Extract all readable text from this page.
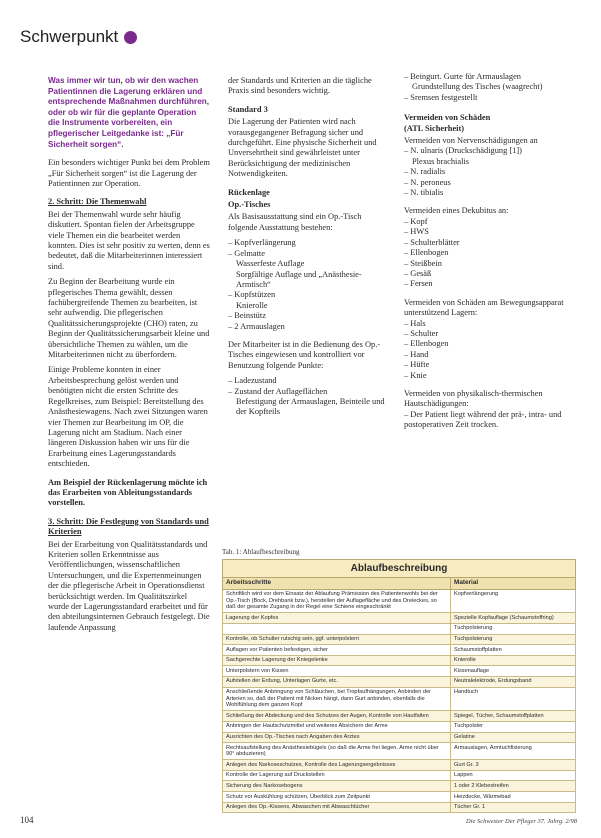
Schwerpunkt

Was immer wir tun, ob wir den wachen Patientinnen die Lagerung erklären und entsprechende Maßnahmen durchführen, oder ob wir für die geplante Operation die Instrumente vorbereiten, ein pflegerischer Leitgedanke ist: „Für Sicherheit sorgen“.

Ein besonders wichtiger Punkt bei dem Problem „Für Sicherheit sorgen“ ist die Lagerung der Patientinnen zur Operation.

2. Schritt: Die Themenwahl

Bei der Themenwahl wurde sehr häufig diskutiert. Spontan fielen der Arbeitsgruppe viele Themen ein die bearbeitet werden konnten. Dies ist sehr positiv zu werten, denn es bedeutet, daß die Mitarbeiterinnen interessiert sind.

Zu Beginn der Bearbeitung wurde ein pflegerisches Thema gewählt, dessen fachübergreifende Themen zu bearbeiten, ist sehr aufwendig. Die pflegerischen Qualitätssicherungsprojekte (CHO) raten, zu Beginn der Qualitätssicherungsarbeit kleine und übersichtliche Themen zu wählen, um die Mitarbeiterinnen nicht zu überfordern.

Einige Probleme konnten in einer Arbeitsbesprechung gelöst werden und benötigten nicht die ersten Schritte des Regelkreises, zum Beispiel: Bereitstellung des Anästhesiewagens. Nach zwei Sitzungen waren vier Themen zur Bearbeitung im OP, die Lagerung nicht am Stadium. Nach einer längeren Diskussion haben wir uns für die Erarbeitung eines Lagerungsstandards entschieden.

Am Beispiel der Rückenlagerung möchte ich das Erarbeiten von Ableitungsstandards vorstellen.

3. Schritt: Die Festlegung von Standards und Kriterien

Bei der Erarbeitung von Qualitätsstandards und Kriterien sollen Erkenntnisse aus Veröffentlichungen, wissenschaftlichen Untersuchungen, und die Expertenmeinungen der die pflegerische Arbeit in Operationsdienst berücksichtigt werden. Im Qualitätszirkel wurde der Lagerungsstandard erarbeitet und für den abteilungsinternen Gebrauch festgelegt. Die laufende Anpassung

der Standards und Kriterien an die tägliche Praxis sind besonders wichtig.

Standard 3

Die Lagerung der Patienten wird nach vorausgegangener Befragung sicher und durchgeführt. Eine physische Sicherheit und Unversehrtheit sind gewährleistet unter Berücksichtigung der medizinischen Notwendigkeiten.

Rückenlage

Op.-Tisches

Als Basisausstattung sind ein Op.-Tisch folgende Ausstattung bestehen:

– Kopfverlängerung

– Gelmatte

Wasserfeste Auflage

Sorgfältige Auflage und „Anästhesie-Armtisch“

– Kopfstützen

Knierolle

– Beinstütz

– 2 Armauslagen

Der Mitarbeiter ist in die Bedienung des Op.-Tisches eingewiesen und kontrolliert vor Benutzung folgende Punkte:

– Ladezustand

– Zustand der Auflageflächen

Befestigung der Armauslagen, Beinteile und der Kopfteils

– Beingurt. Gurte für Armauslagen

Grundstellung des Tisches (waagrecht)

– Sremsen festgestellt

Vermeiden von Schäden

(ATL Sicherheit)

Vermeiden von Nervenschädigungen an

– N. ulnaris (Druckschädigung [1])

Plexus brachialis

– N. radialis

– N. peroneus

– N. tibialis

Vermeiden eines Dekubitus an:

– Kopf

– HWS

– Schulterblätter

– Ellenbogen

– Steißbein

– Gesäß

– Fersen

Vermeiden von Schäden am Bewegungsapparat unterstützend Lagern:

– Hals

– Schulter

– Ellenbogen

– Hand

– Hüfte

– Knie

Vermeiden von physikalisch-thermischen Hautschädigungen:

– Der Patient liegt während der prä-, intra- und postoperativen Zeit trocken.

Tab. 1: Ablaufbeschreibung
Ablaufbeschreibung
Arbeitsschritte	Material
Schriftlich wird vor dem Einsatz der Ablaufung Prämission des Patientenwohls bei der Op.-Tisch (Bock, Drehbank bzw.), herstellen der Auflagefläche und des Dreieckes, so daß der gesamte Zugang in der Regel eine Schiene eingeschränkt	Kopfverlängerung
Lagerung der Kopfes	Spezielle Kopfauflage (Schaumstoffring)
	Tuchpolsterung
Kontrolle, ob Schulter rutschig sein, ggf. unterpolstern	Tuchpolsterung
Auflagen vor Patienten befestigen, sicher	Schaumstoffplatten
Sachgerechte Lagerung der Kniegelenke	Knierolle
Unterpolstern von Kissen	Kissenauflage
Aufstellen der Erdung, Unterlagen Gurte, etc.	Neutralelektrode, Erdungsband
Anschließende Anbringung von Schläuchen, bei Tropfaufhängungen, Anbinden der Arterien so, daß der Patient mit Nicken hängt, dann Gurt anbinden, ebenfalls die Wohlfühlung dem ganzen Kopf	Handtuch
Schließung der Abdeckung und des Schutzes der Augen, Kontrolle von Hautfalten	Spiegel, Tücher, Schaumstoffplatten
Anbringen der Hautschutzmittel und weiteres Absichern der Arme	Tuchpolster
Ausrichten des Op.-Tisches nach Angaben des Arztes	Gelatine
Rechtsaufstellung des Anästhesiebügels (so daß die Arme frei liegen, Arme nicht über 90° abduzieren)	Armauslagen, Armtuchfixierung
Anlegen des Narkoseschutzes, Kontrolle des Lagerungsergebnisses	Gurt Gr. 3
Kontrolle der Lagerung auf Druckstellen	Lappen
Sicherung des Narkosebogens	1 oder 2 Klebestreifen
Schutz vor Auskühlung schützen, Überblick zum Zeitpunkt	Heizdecke, Wärmebad
Anlegen des Op.-Kissens, Abwaschen mit Abwaschtücher	Tücher Gr. 1
104	Die Schwester Der Pfleger 37. Jahrg. 2/98
